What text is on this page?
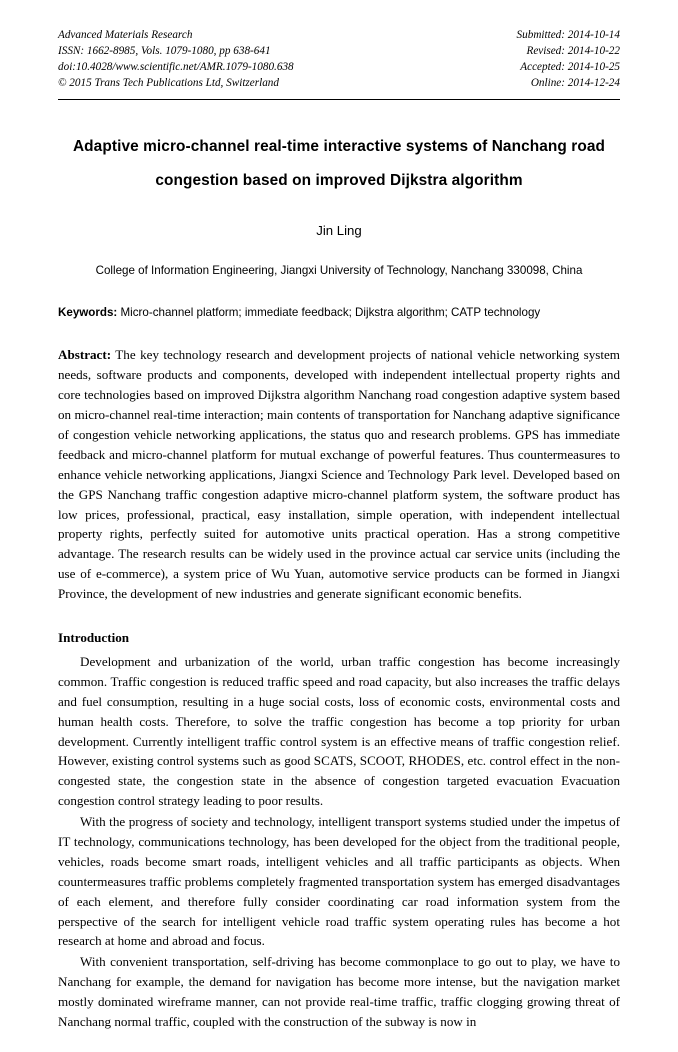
Advanced Materials Research
ISSN: 1662-8985, Vols. 1079-1080, pp 638-641
doi:10.4028/www.scientific.net/AMR.1079-1080.638
© 2015 Trans Tech Publications Ltd, Switzerland
Submitted: 2014-10-14
Revised: 2014-10-22
Accepted: 2014-10-25
Online: 2014-12-24
Adaptive micro-channel real-time interactive systems of Nanchang road
congestion based on improved Dijkstra algorithm
Jin Ling
College of Information Engineering, Jiangxi University of Technology, Nanchang 330098, China
Keywords: Micro-channel platform; immediate feedback; Dijkstra algorithm; CATP technology
Abstract: The key technology research and development projects of national vehicle networking system needs, software products and components, developed with independent intellectual property rights and core technologies based on improved Dijkstra algorithm Nanchang road congestion adaptive system based on micro-channel real-time interaction; main contents of transportation for Nanchang adaptive significance of congestion vehicle networking applications, the status quo and research problems. GPS has immediate feedback and micro-channel platform for mutual exchange of powerful features. Thus countermeasures to enhance vehicle networking applications, Jiangxi Science and Technology Park level. Developed based on the GPS Nanchang traffic congestion adaptive micro-channel platform system, the software product has low prices, professional, practical, easy installation, simple operation, with independent intellectual property rights, perfectly suited for automotive units practical operation. Has a strong competitive advantage. The research results can be widely used in the province actual car service units (including the use of e-commerce), a system price of Wu Yuan, automotive service products can be formed in Jiangxi Province, the development of new industries and generate significant economic benefits.
Introduction
Development and urbanization of the world, urban traffic congestion has become increasingly common. Traffic congestion is reduced traffic speed and road capacity, but also increases the traffic delays and fuel consumption, resulting in a huge social costs, loss of economic costs, environmental costs and human health costs. Therefore, to solve the traffic congestion has become a top priority for urban development. Currently intelligent traffic control system is an effective means of traffic congestion relief. However, existing control systems such as good SCATS, SCOOT, RHODES, etc. control effect in the non-congested state, the congestion state in the absence of congestion targeted evacuation Evacuation congestion control strategy leading to poor results.
With the progress of society and technology, intelligent transport systems studied under the impetus of IT technology, communications technology, has been developed for the object from the traditional people, vehicles, roads become smart roads, intelligent vehicles and all traffic participants as objects. When countermeasures traffic problems completely fragmented transportation system has emerged disadvantages of each element, and therefore fully consider coordinating car road information system from the perspective of the search for intelligent vehicle road traffic system operating rules has become a hot research at home and abroad and focus.
With convenient transportation, self-driving has become commonplace to go out to play, we have to Nanchang for example, the demand for navigation has become more intense, but the navigation market mostly dominated wireframe manner, can not provide real-time traffic, traffic clogging growing threat of Nanchang normal traffic, coupled with the construction of the subway is now in
